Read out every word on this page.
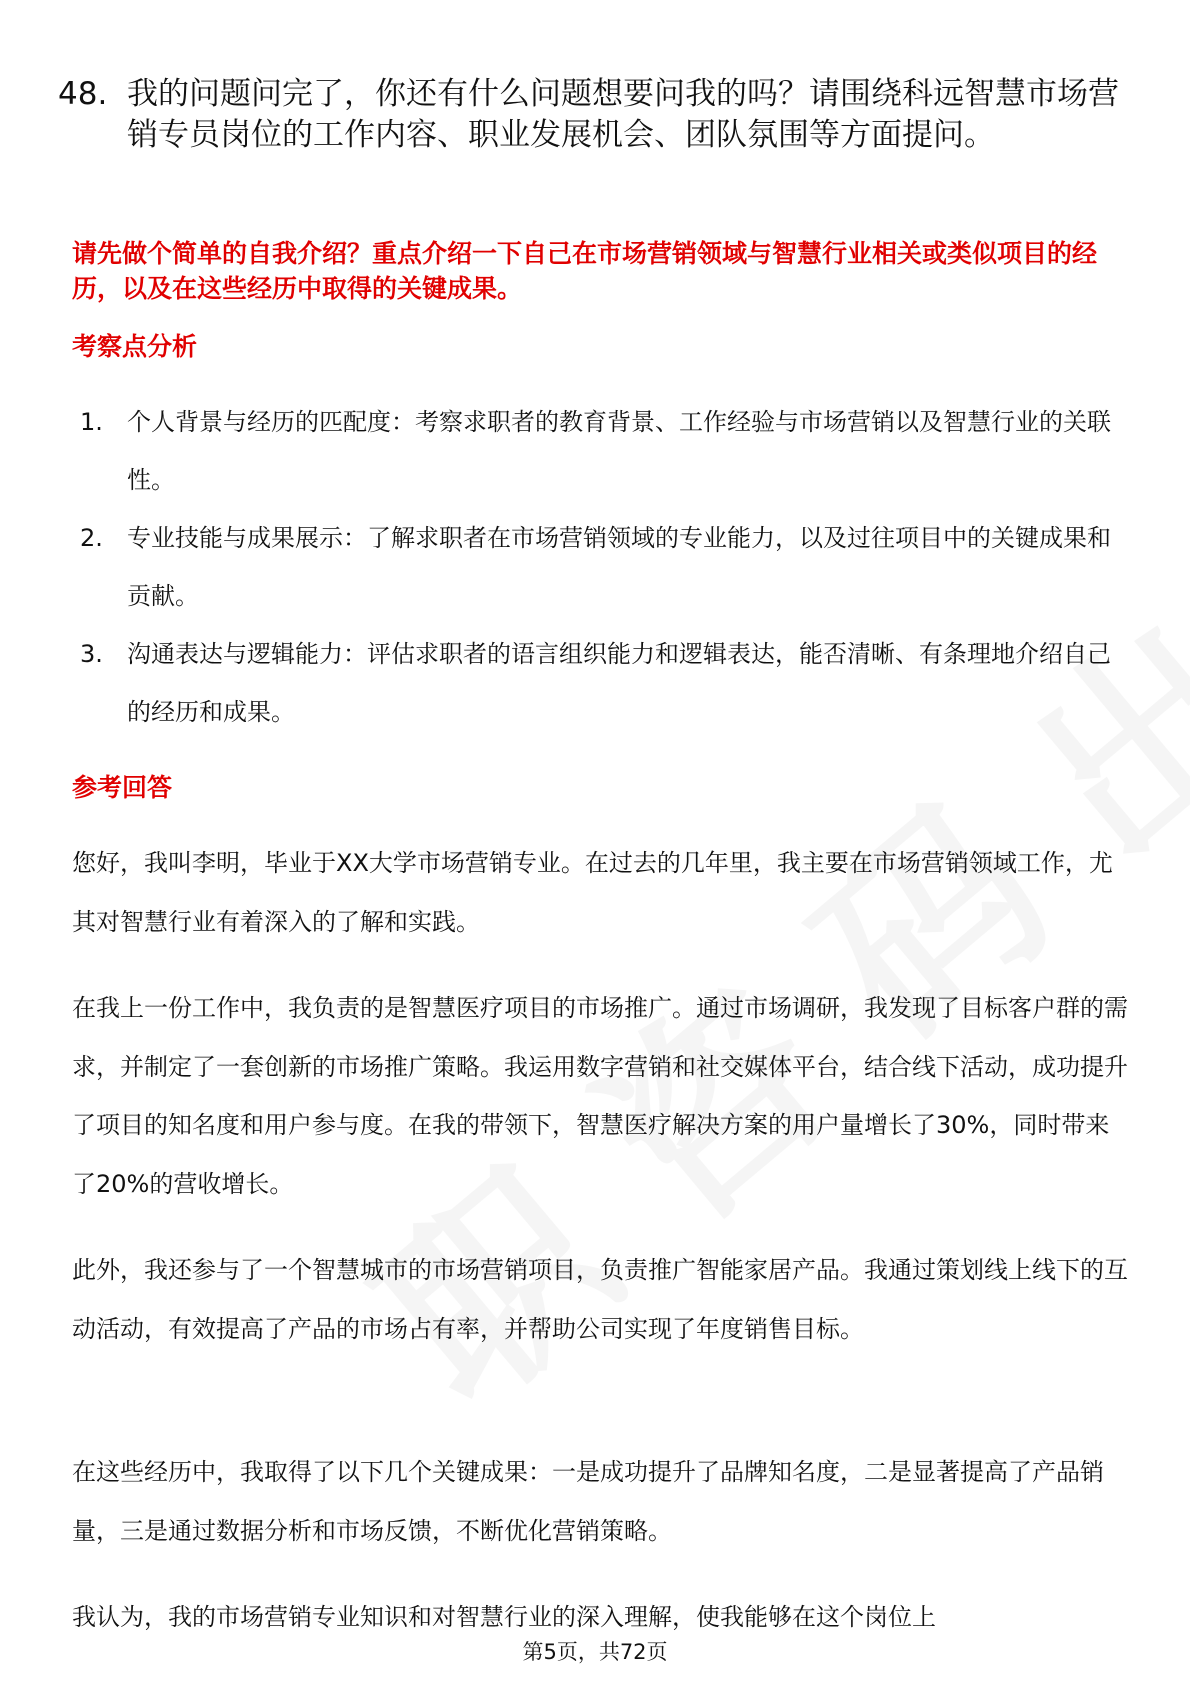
48. 我的问题问完了，你还有什么问题想要问我的吗？请围绕科远智慧市场营销专员岗位的工作内容、职业发展机会、团队氛围等方面提问。
请先做个简单的自我介绍？重点介绍一下自己在市场营销领域与智慧行业相关或类似项目的经历，以及在这些经历中取得的关键成果。
考察点分析
1.	个人背景与经历的匹配度：考察求职者的教育背景、工作经验与市场营销以及智慧行业的关联性。
2.	专业技能与成果展示：了解求职者在市场营销领域的专业能力，以及过往项目中的关键成果和贡献。
3.	沟通表达与逻辑能力：评估求职者的语言组织能力和逻辑表达，能否清晰、有条理地介绍自己的经历和成果。
参考回答

您好，我叫李明，毕业于XX大学市场营销专业。在过去的几年里，我主要在市场营销领域工作，尤其对智慧行业有着深入的了解和实践。

在我上一份工作中，我负责的是智慧医疗项目的市场推广。通过市场调研，我发现了目标客户群的需求，并制定了一套创新的市场推广策略。我运用数字营销和社交媒体平台，结合线下活动，成功提升了项目的知名度和用户参与度。在我的带领下，智慧医疗解决方案的用户量增长了30%，同时带来了20%的营收增长。

此外，我还参与了一个智慧城市的市场营销项目，负责推广智能家居产品。我通过策划线上线下的互动活动，有效提高了产品的市场占有率，并帮助公司实现了年度销售目标。

在这些经历中，我取得了以下几个关键成果：一是成功提升了品牌知名度，二是显著提高了产品销量，三是通过数据分析和市场反馈，不断优化营销策略。

我认为，我的市场营销专业知识和对智慧行业的深入理解，使我能够在这个岗位上

第5页，共72页
